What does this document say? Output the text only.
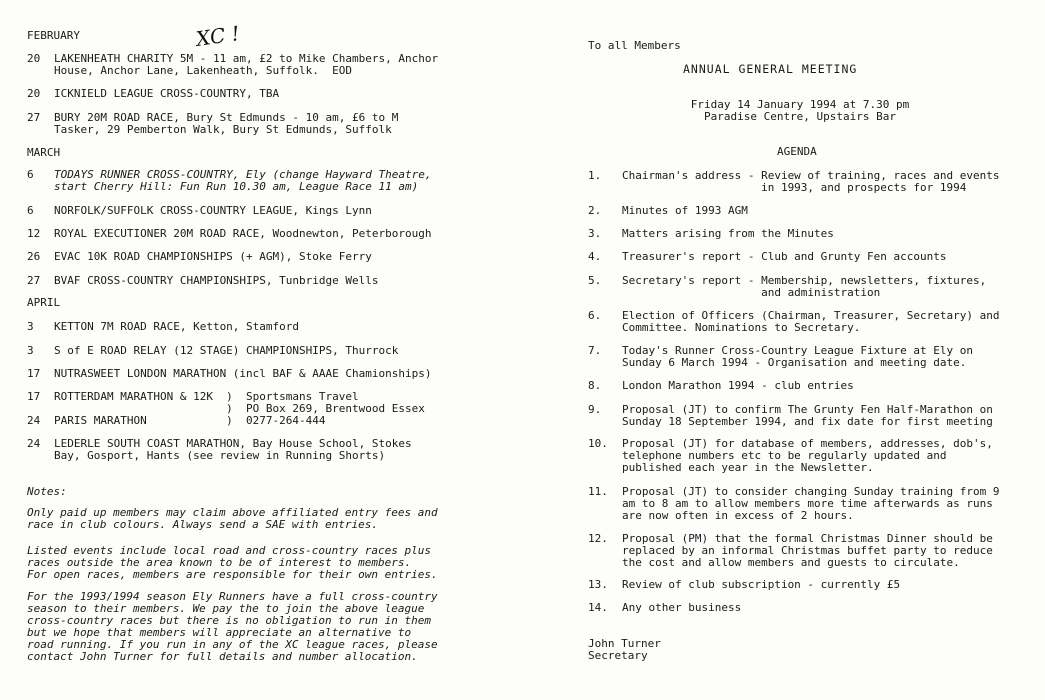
FEBRUARY	XC !
20 LAKENHEATH CHARITY 5M - 11 am, £2 to Mike Chambers, Anchor
House, Anchor Lane, Lakenheath, Suffolk.  EOD
20 ICKNIELD LEAGUE CROSS-COUNTRY, TBA
27 BURY 20M ROAD RACE, Bury St Edmunds - 10 am, £6 to M
Tasker, 29 Pemberton Walk, Bury St Edmunds, Suffolk
6 TODAYS RUNNER CROSS-COUNTRY, Ely (change Hayward Theatre,
start Cherry Hill: Fun Run 10.30 am, League Race 11 am)
6 NORFOLK/SUFFOLK CROSS-COUNTRY LEAGUE, Kings Lynn
12 ROYAL EXECUTIONER 20M ROAD RACE, Woodnewton, Peterborough
26 EVAC 10K ROAD CHAMPIONSHIPS (+ AGM), Stoke Ferry
27 BVAF CROSS-COUNTRY CHAMPIONSHIPS, Tunbridge Wells
3 KETTON 7M ROAD RACE, Ketton, Stamford
3 S of E ROAD RELAY (12 STAGE) CHAMPIONSHIPS, Thurrock
17 NUTRASWEET LONDON MARATHON (incl BAF & AAAE Chamionships)
17 ROTTERDAM MARATHON & 12K  )  Sportsmans Travel
)  PO Box 269, Brentwood Essex
24 PARIS MARATHON            )  0277-264-444
24 LEDERLE SOUTH COAST MARATHON, Bay House School, Stokes
Bay, Gosport, Hants (see review in Running Shorts)
MARCH
APRIL
Notes:
Only paid up members may claim above affiliated entry fees and
race in club colours. Always send a SAE with entries.
Listed events include local road and cross-country races plus
races outside the area known to be of interest to members.
For open races, members are responsible for their own entries.
For the 1993/1994 season Ely Runners have a full cross-country
season to their members. We pay the to join the above league
cross-country races but there is no obligation to run in them
but we hope that members will appreciate an alternative to
road running. If you run in any of the XC league races, please
contact John Turner for full details and number allocation.
To all Members
ANNUAL GENERAL MEETING
Friday 14 January 1994 at 7.30 pm
Paradise Centre, Upstairs Bar
AGENDA
1. Chairman's address - Review of training, races and events
in 1993, and prospects for 1994
2. Minutes of 1993 AGM
3. Matters arising from the Minutes
4. Treasurer's report - Club and Grunty Fen accounts
5. Secretary's report - Membership, newsletters, fixtures,
and administration
6. Election of Officers (Chairman, Treasurer, Secretary) and
Committee. Nominations to Secretary.
7. Today's Runner Cross-Country League Fixture at Ely on
Sunday 6 March 1994 - Organisation and meeting date.
8. London Marathon 1994 - club entries
9. Proposal (JT) to confirm The Grunty Fen Half-Marathon on
Sunday 18 September 1994, and fix date for first meeting
10. Proposal (JT) for database of members, addresses, dob's,
telephone numbers etc to be regularly updated and
published each year in the Newsletter.
11. Proposal (JT) to consider changing Sunday training from 9
am to 8 am to allow members more time afterwards as runs
are now often in excess of 2 hours.
12. Proposal (PM) that the formal Christmas Dinner should be
replaced by an informal Christmas buffet party to reduce
the cost and allow members and guests to circulate.
13. Review of club subscription - currently £5
14. Any other business
John Turner
Secretary
